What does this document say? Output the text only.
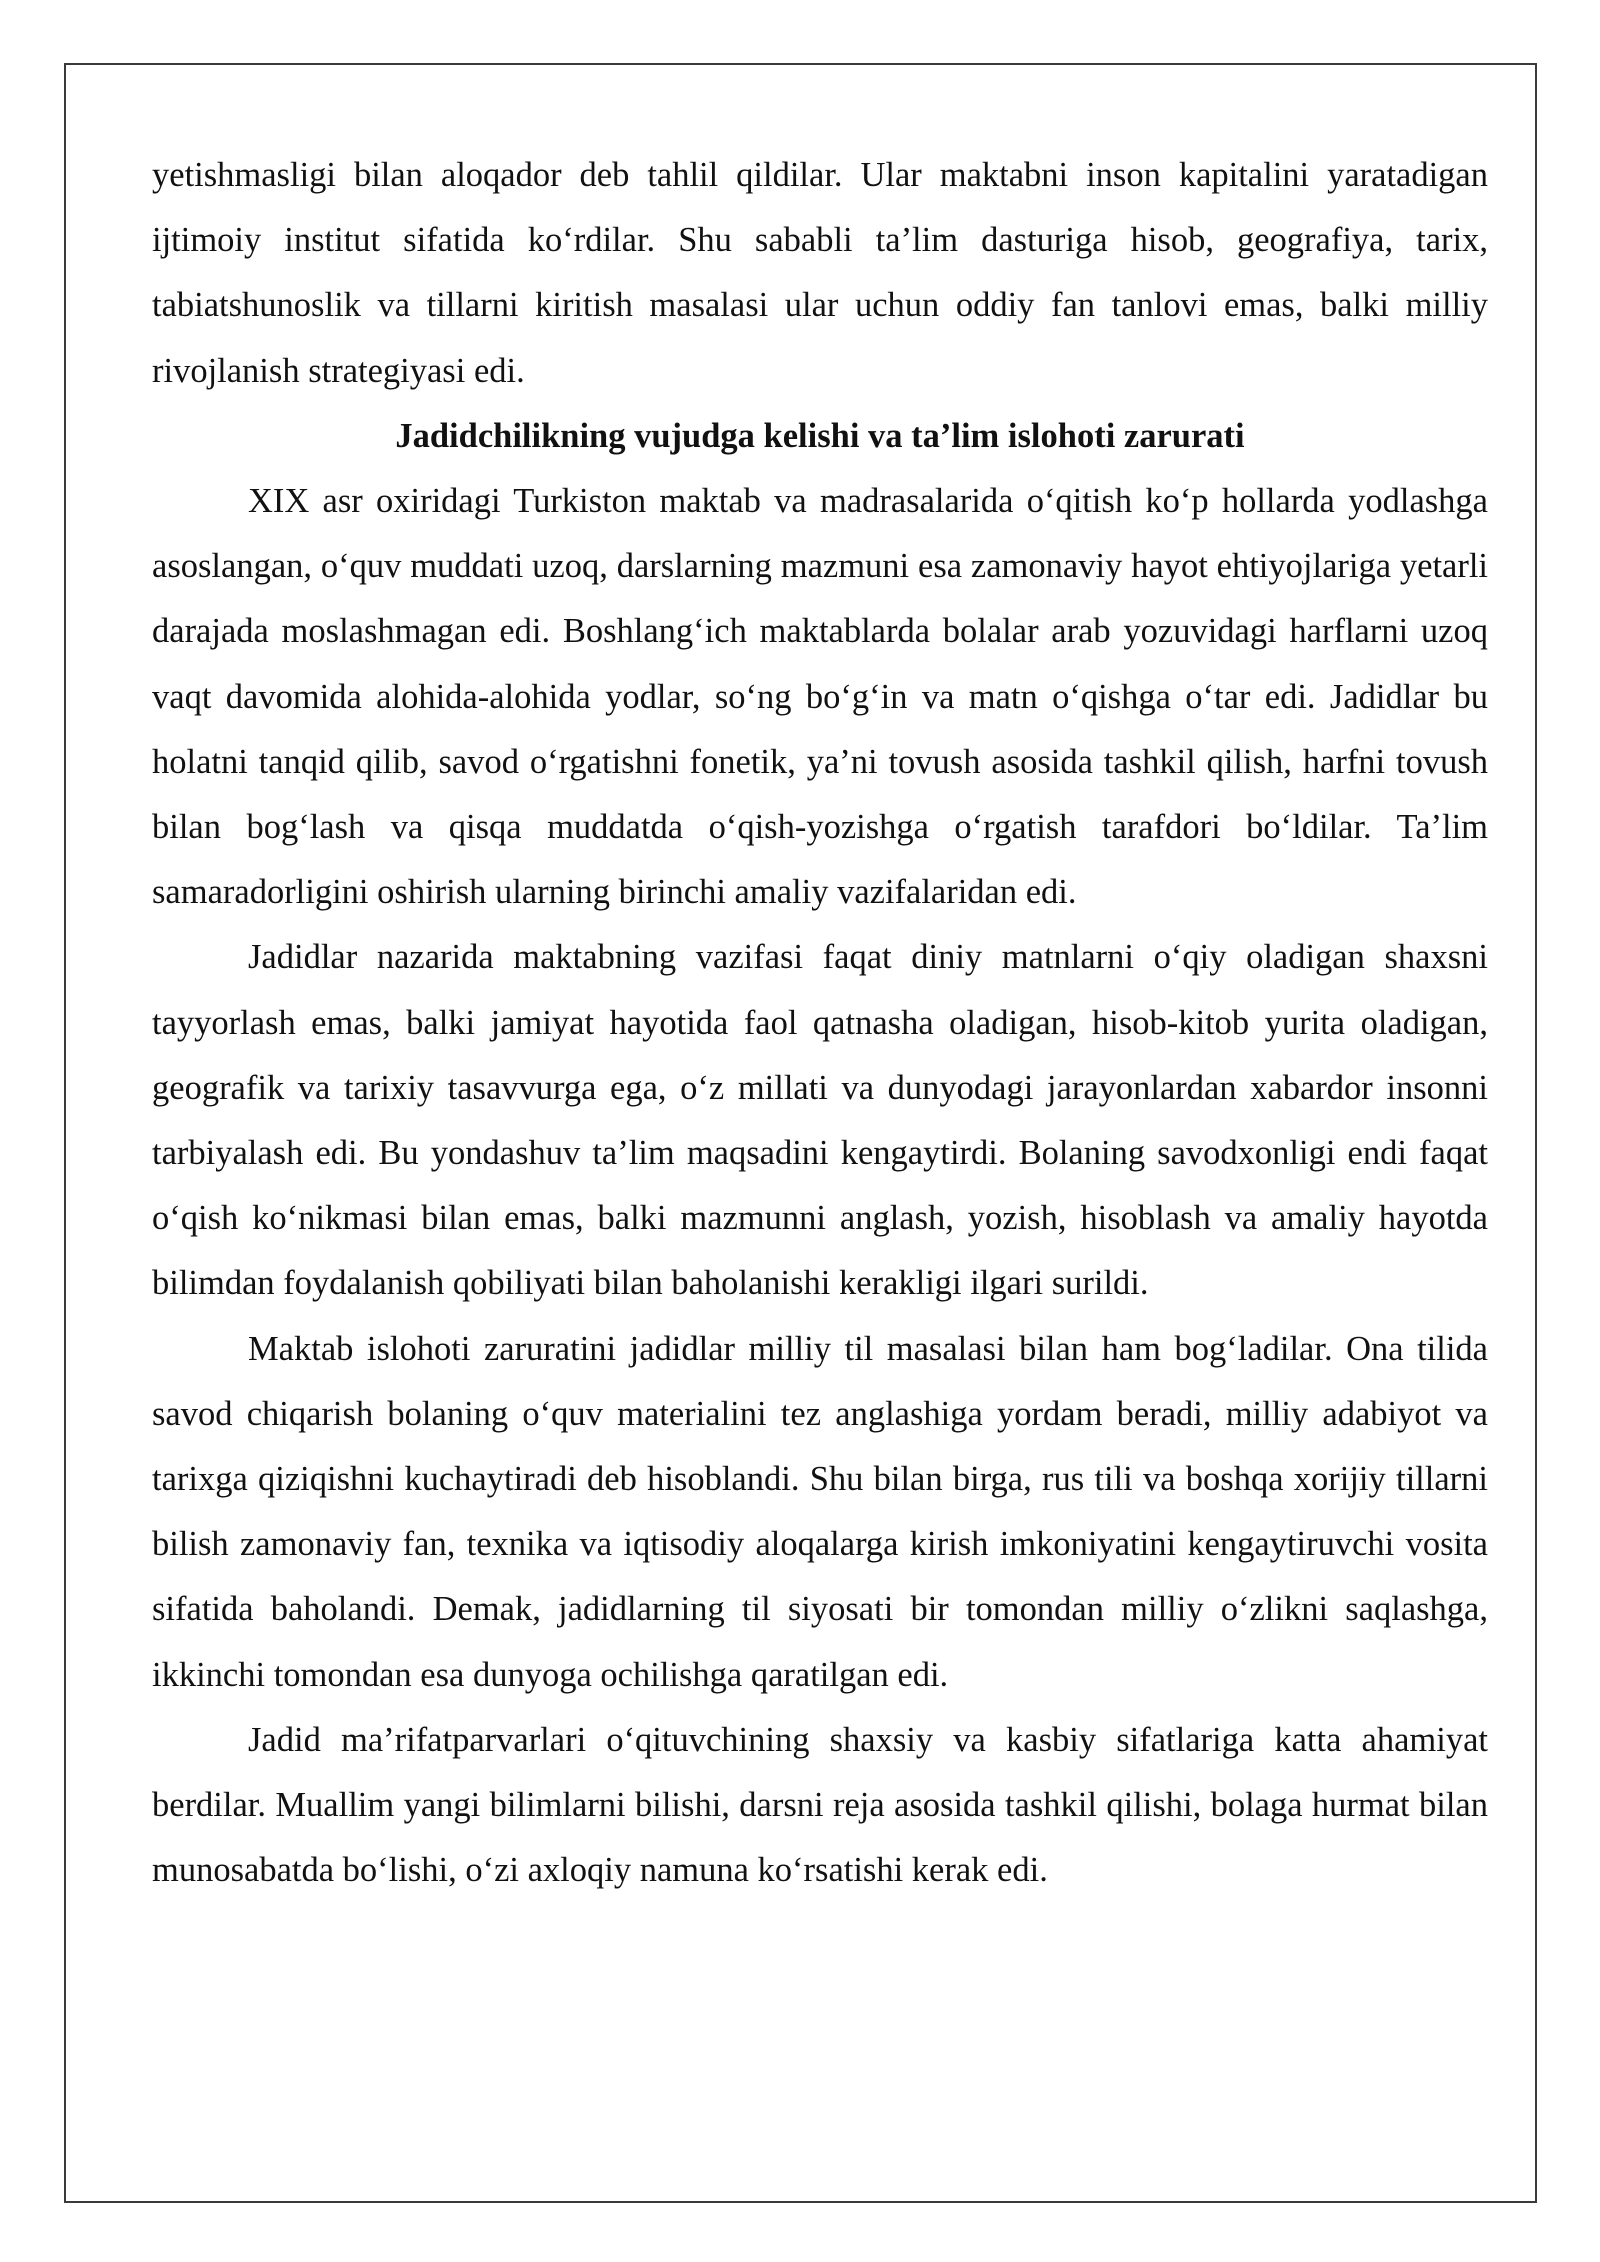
yetishmasligi bilan aloqador deb tahlil qildilar. Ular maktabni inson kapitalini yaratadigan ijtimoiy institut sifatida ko‘rdilar. Shu sababli ta’lim dasturiga hisob, geografiya, tarix, tabiatshunoslik va tillarni kiritish masalasi ular uchun oddiy fan tanlovi emas, balki milliy rivojlanish strategiyasi edi.

Jadidchilikning vujudga kelishi va ta’lim islohoti zarurati

XIX asr oxiridagi Turkiston maktab va madrasalarida o‘qitish ko‘p hollarda yodlashga asoslangan, o‘quv muddati uzoq, darslarning mazmuni esa zamonaviy hayot ehtiyojlariga yetarli darajada moslashmagan edi. Boshlang‘ich maktablarda bolalar arab yozuvidagi harflarni uzoq vaqt davomida alohida-alohida yodlar, so‘ng bo‘g‘in va matn o‘qishga o‘tar edi. Jadidlar bu holatni tanqid qilib, savod o‘rgatishni fonetik, ya’ni tovush asosida tashkil qilish, harfni tovush bilan bog‘lash va qisqa muddatda o‘qish-yozishga o‘rgatish tarafdori bo‘ldilar. Ta’lim samaradorligini oshirish ularning birinchi amaliy vazifalaridan edi.

Jadidlar nazarida maktabning vazifasi faqat diniy matnlarni o‘qiy oladigan shaxsni tayyorlash emas, balki jamiyat hayotida faol qatnasha oladigan, hisob-kitob yurita oladigan, geografik va tarixiy tasavvurga ega, o‘z millati va dunyodagi jarayonlardan xabardor insonni tarbiyalash edi. Bu yondashuv ta’lim maqsadini kengaytirdi. Bolaning savodxonligi endi faqat o‘qish ko‘nikmasi bilan emas, balki mazmunni anglash, yozish, hisoblash va amaliy hayotda bilimdan foydalanish qobiliyati bilan baholanishi kerakligi ilgari surildi.

Maktab islohoti zaruratini jadidlar milliy til masalasi bilan ham bog‘ladilar. Ona tilida savod chiqarish bolaning o‘quv materialini tez anglashiga yordam beradi, milliy adabiyot va tarixga qiziqishni kuchaytiradi deb hisoblandi. Shu bilan birga, rus tili va boshqa xorijiy tillarni bilish zamonaviy fan, texnika va iqtisodiy aloqalarga kirish imkoniyatini kengaytiruvchi vosita sifatida baholandi. Demak, jadidlarning til siyosati bir tomondan milliy o‘zlikni saqlashga, ikkinchi tomondan esa dunyoga ochilishga qaratilgan edi.

Jadid ma’rifatparvarlari o‘qituvchining shaxsiy va kasbiy sifatlariga katta ahamiyat berdilar. Muallim yangi bilimlarni bilishi, darsni reja asosida tashkil qilishi, bolaga hurmat bilan munosabatda bo‘lishi, o‘zi axloqiy namuna ko‘rsatishi kerak edi.
